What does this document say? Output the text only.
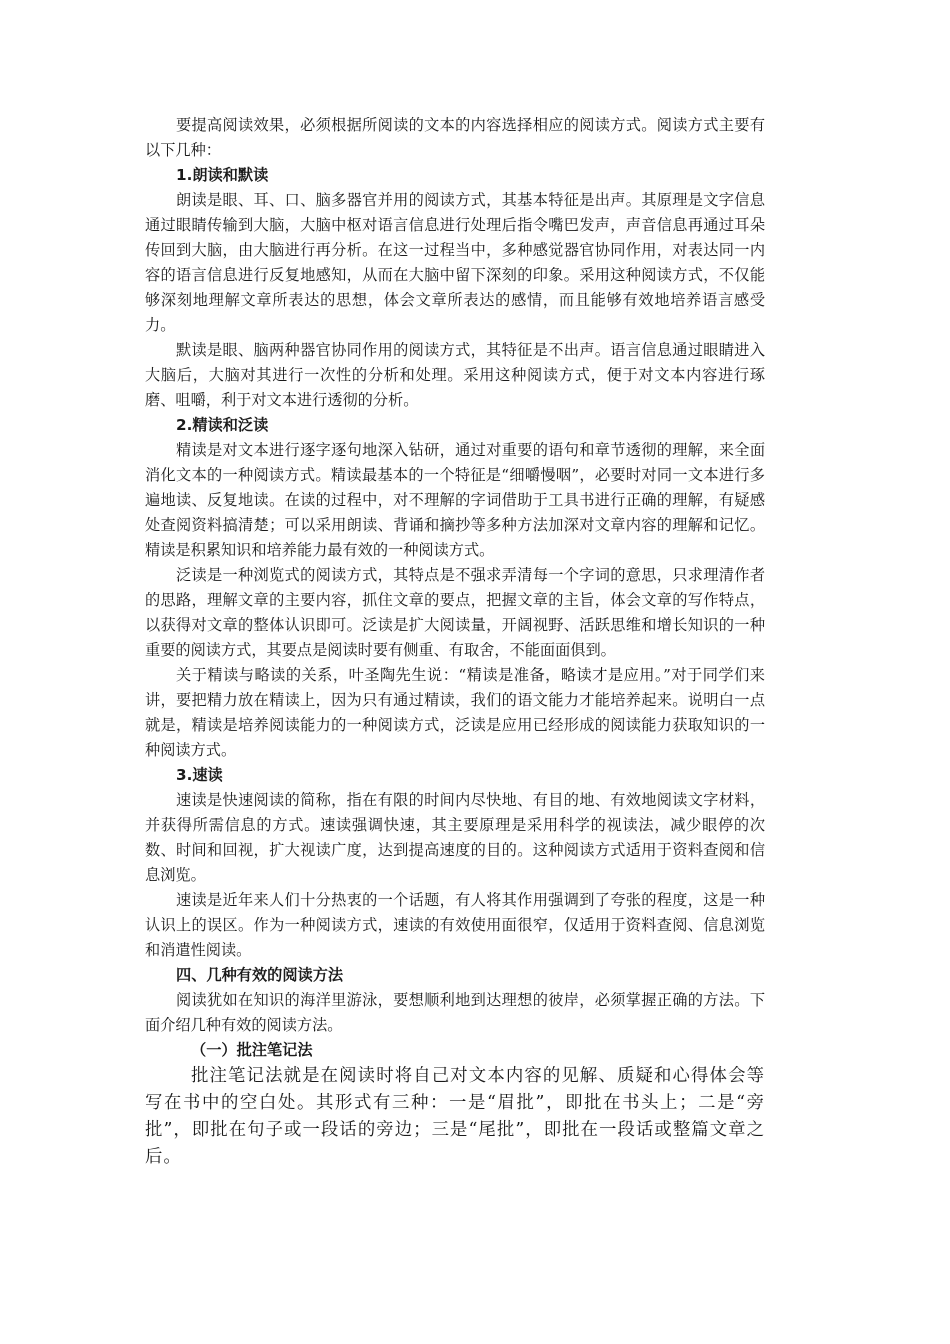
要提高阅读效果，必须根据所阅读的文本的内容选择相应的阅读方式。阅读方式主要有以下几种：

1.朗读和默读

朗读是眼、耳、口、脑多器官并用的阅读方式，其基本特征是出声。其原理是文字信息通过眼睛传输到大脑，大脑中枢对语言信息进行处理后指令嘴巴发声，声音信息再通过耳朵传回到大脑，由大脑进行再分析。在这一过程当中，多种感觉器官协同作用，对表达同一内容的语言信息进行反复地感知，从而在大脑中留下深刻的印象。采用这种阅读方式，不仅能够深刻地理解文章所表达的思想，体会文章所表达的感情，而且能够有效地培养语言感受力。

默读是眼、脑两种器官协同作用的阅读方式，其特征是不出声。语言信息通过眼睛进入大脑后，大脑对其进行一次性的分析和处理。采用这种阅读方式，便于对文本内容进行琢磨、咀嚼，利于对文本进行透彻的分析。

2.精读和泛读

精读是对文本进行逐字逐句地深入钻研，通过对重要的语句和章节透彻的理解，来全面消化文本的一种阅读方式。精读最基本的一个特征是“细嚼慢咽”，必要时对同一文本进行多遍地读、反复地读。在读的过程中，对不理解的字词借助于工具书进行正确的理解，有疑感处查阅资料搞清楚；可以采用朗读、背诵和摘抄等多种方法加深对文章内容的理解和记忆。精读是积累知识和培养能力最有效的一种阅读方式。

泛读是一种浏览式的阅读方式，其特点是不强求弄清每一个字词的意思，只求理清作者的思路，理解文章的主要内容，抓住文章的要点，把握文章的主旨，体会文章的写作特点，以获得对文章的整体认识即可。泛读是扩大阅读量，开阔视野、活跃思维和增长知识的一种重要的阅读方式，其要点是阅读时要有侧重、有取舍，不能面面俱到。

关于精读与略读的关系，叶圣陶先生说：“精读是准备，略读才是应用。”对于同学们来讲，要把精力放在精读上，因为只有通过精读，我们的语文能力才能培养起来。说明白一点就是，精读是培养阅读能力的一种阅读方式，泛读是应用已经形成的阅读能力获取知识的一种阅读方式。

3.速读

速读是快速阅读的简称，指在有限的时间内尽快地、有目的地、有效地阅读文字材料，并获得所需信息的方式。速读强调快速，其主要原理是采用科学的视读法，减少眼停的次数、时间和回视，扩大视读广度，达到提高速度的目的。这种阅读方式适用于资料查阅和信息浏览。

速读是近年来人们十分热衷的一个话题，有人将其作用强调到了夸张的程度，这是一种认识上的误区。作为一种阅读方式，速读的有效使用面很窄，仅适用于资料查阅、信息浏览和消遣性阅读。

四、几种有效的阅读方法

阅读犹如在知识的海洋里游泳，要想顺利地到达理想的彼岸，必须掌握正确的方法。下面介绍几种有效的阅读方法。

（一）批注笔记法

批注笔记法就是在阅读时将自己对文本内容的见解、质疑和心得体会等写在书中的空白处。其形式有三种：一是“眉批”，即批在书头上；二是“旁批”，即批在句子或一段话的旁边；三是“尾批”，即批在一段话或整篇文章之后。
